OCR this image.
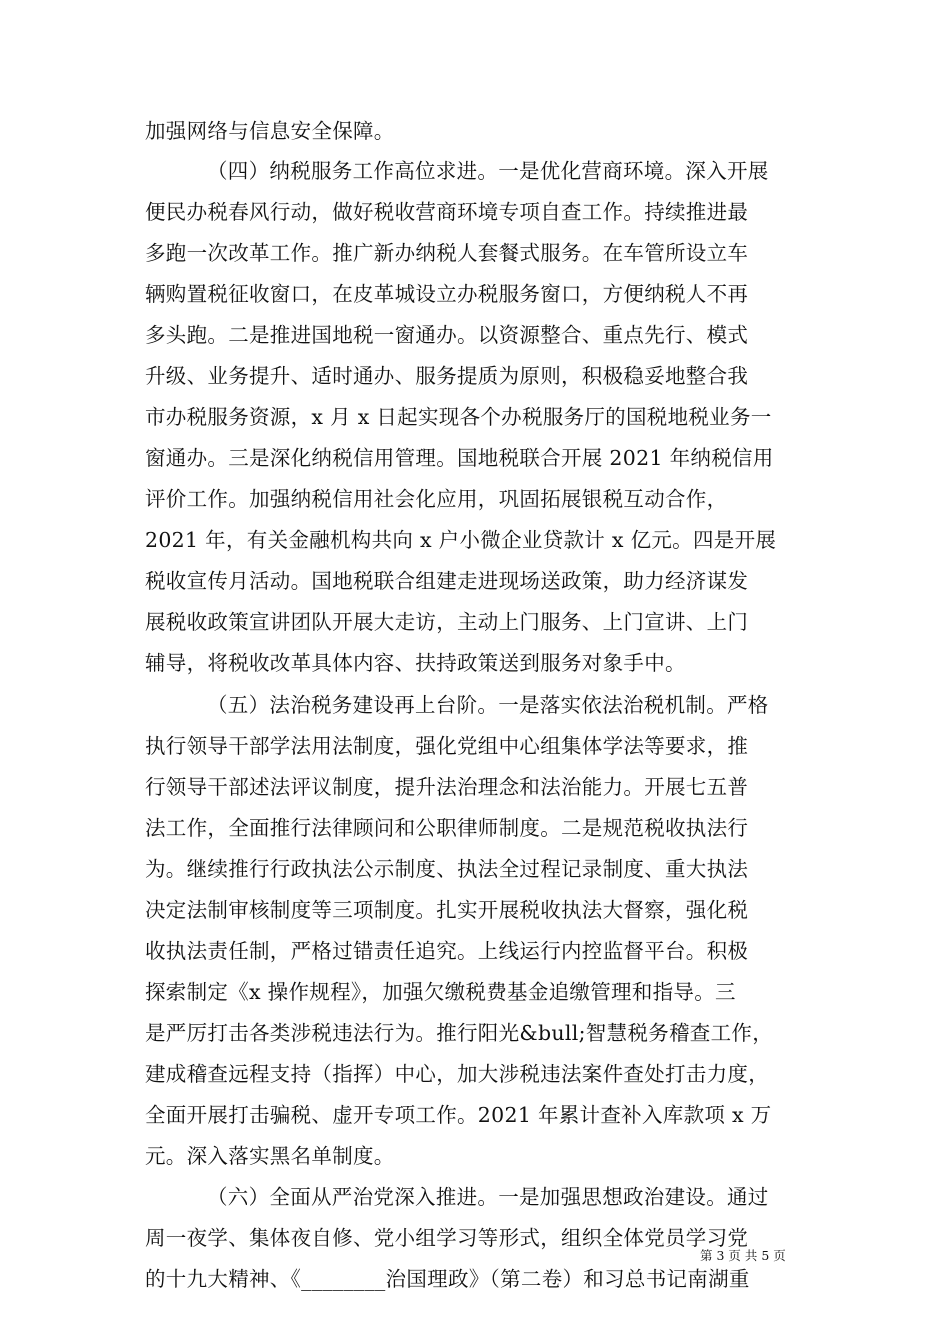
加强网络与信息安全保障。
（四）纳税服务工作高位求进。一是优化营商环境。深入开展
便民办税春风行动，做好税收营商环境专项自查工作。持续推进最
多跑一次改革工作。推广新办纳税人套餐式服务。在车管所设立车
辆购置税征收窗口，在皮革城设立办税服务窗口，方便纳税人不再
多头跑。二是推进国地税一窗通办。以资源整合、重点先行、模式
升级、业务提升、适时通办、服务提质为原则，积极稳妥地整合我
市办税服务资源，x 月 x 日起实现各个办税服务厅的国税地税业务一
窗通办。三是深化纳税信用管理。国地税联合开展 2021 年纳税信用
评价工作。加强纳税信用社会化应用，巩固拓展银税互动合作，
2021 年，有关金融机构共向 x 户小微企业贷款计 x 亿元。四是开展
税收宣传月活动。国地税联合组建走进现场送政策，助力经济谋发
展税收政策宣讲团队开展大走访，主动上门服务、上门宣讲、上门
辅导，将税收改革具体内容、扶持政策送到服务对象手中。
（五）法治税务建设再上台阶。一是落实依法治税机制。严格
执行领导干部学法用法制度，强化党组中心组集体学法等要求，推
行领导干部述法评议制度，提升法治理念和法治能力。开展七五普
法工作，全面推行法律顾问和公职律师制度。二是规范税收执法行
为。继续推行行政执法公示制度、执法全过程记录制度、重大执法
决定法制审核制度等三项制度。扎实开展税收执法大督察，强化税
收执法责任制，严格过错责任追究。上线运行内控监督平台。积极
探索制定《x 操作规程》，加强欠缴税费基金追缴管理和指导。三
是严厉打击各类涉税违法行为。推行阳光&bull;智慧税务稽查工作，
建成稽查远程支持（指挥）中心，加大涉税违法案件查处打击力度，
全面开展打击骗税、虚开专项工作。2021 年累计查补入库款项 x 万
元。深入落实黑名单制度。
（六）全面从严治党深入推进。一是加强思想政治建设。通过
周一夜学、集体夜自修、党小组学习等形式，组织全体党员学习党
的十九大精神、《________治国理政》（第二卷）和习总书记南湖重
第 3 页 共 5 页
